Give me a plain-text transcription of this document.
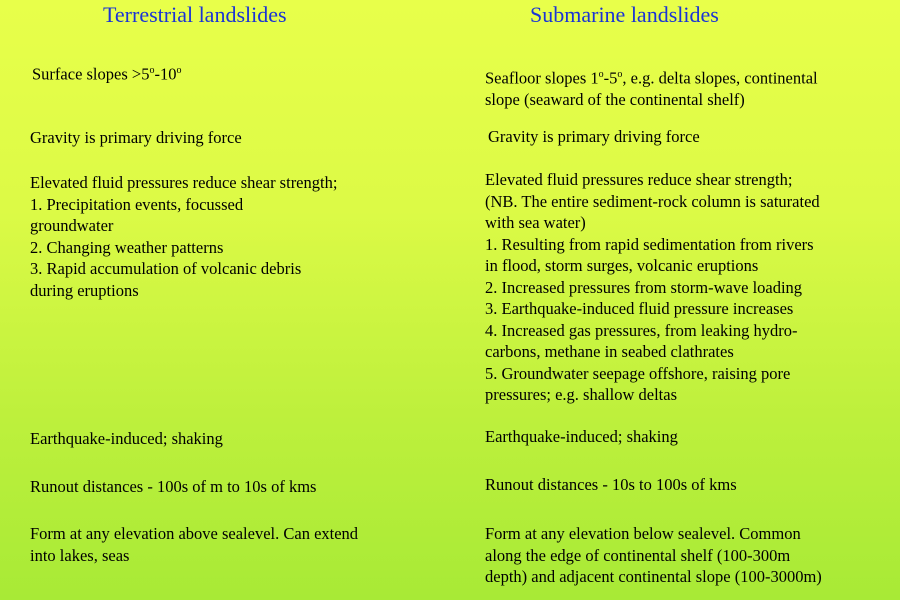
Terrestrial landslides	Submarine landslides

Surface slopes $>5^o-10^o$

Gravity is primary driving force

Elevated fluid pressures reduce shear strength;

1. Precipitation events, focussed

groundwater

2. Changing weather patterns

3. Rapid accumulation of volcanic debris

during eruptions

Earthquake-induced; shaking

Runout distances - 100s of m to 10s of kms

Form at any elevation above sealevel. Can extend

into lakes, seas

Seafloor slopes 1$^o$-5$^o$, e.g. delta slopes, continental

slope (seaward of the continental shelf)

Gravity is primary driving force

Elevated fluid pressures reduce shear strength;

(NB. The entire sediment-rock column is saturated

with sea water)

1. Resulting from rapid sedimentation from rivers

in flood, storm surges, volcanic eruptions

2. Increased pressures from storm-wave loading

3. Earthquake-induced fluid pressure increases

4. Increased gas pressures, from leaking hydro-

carbons, methane in seabed clathrates

5. Groundwater seepage offshore, raising pore

pressures; e.g. shallow deltas

Earthquake-induced; shaking

Runout distances - 10s to 100s of kms

Form at any elevation below sealevel. Common

along the edge of continental shelf (100-300m

depth) and adjacent continental slope (100-3000m)
